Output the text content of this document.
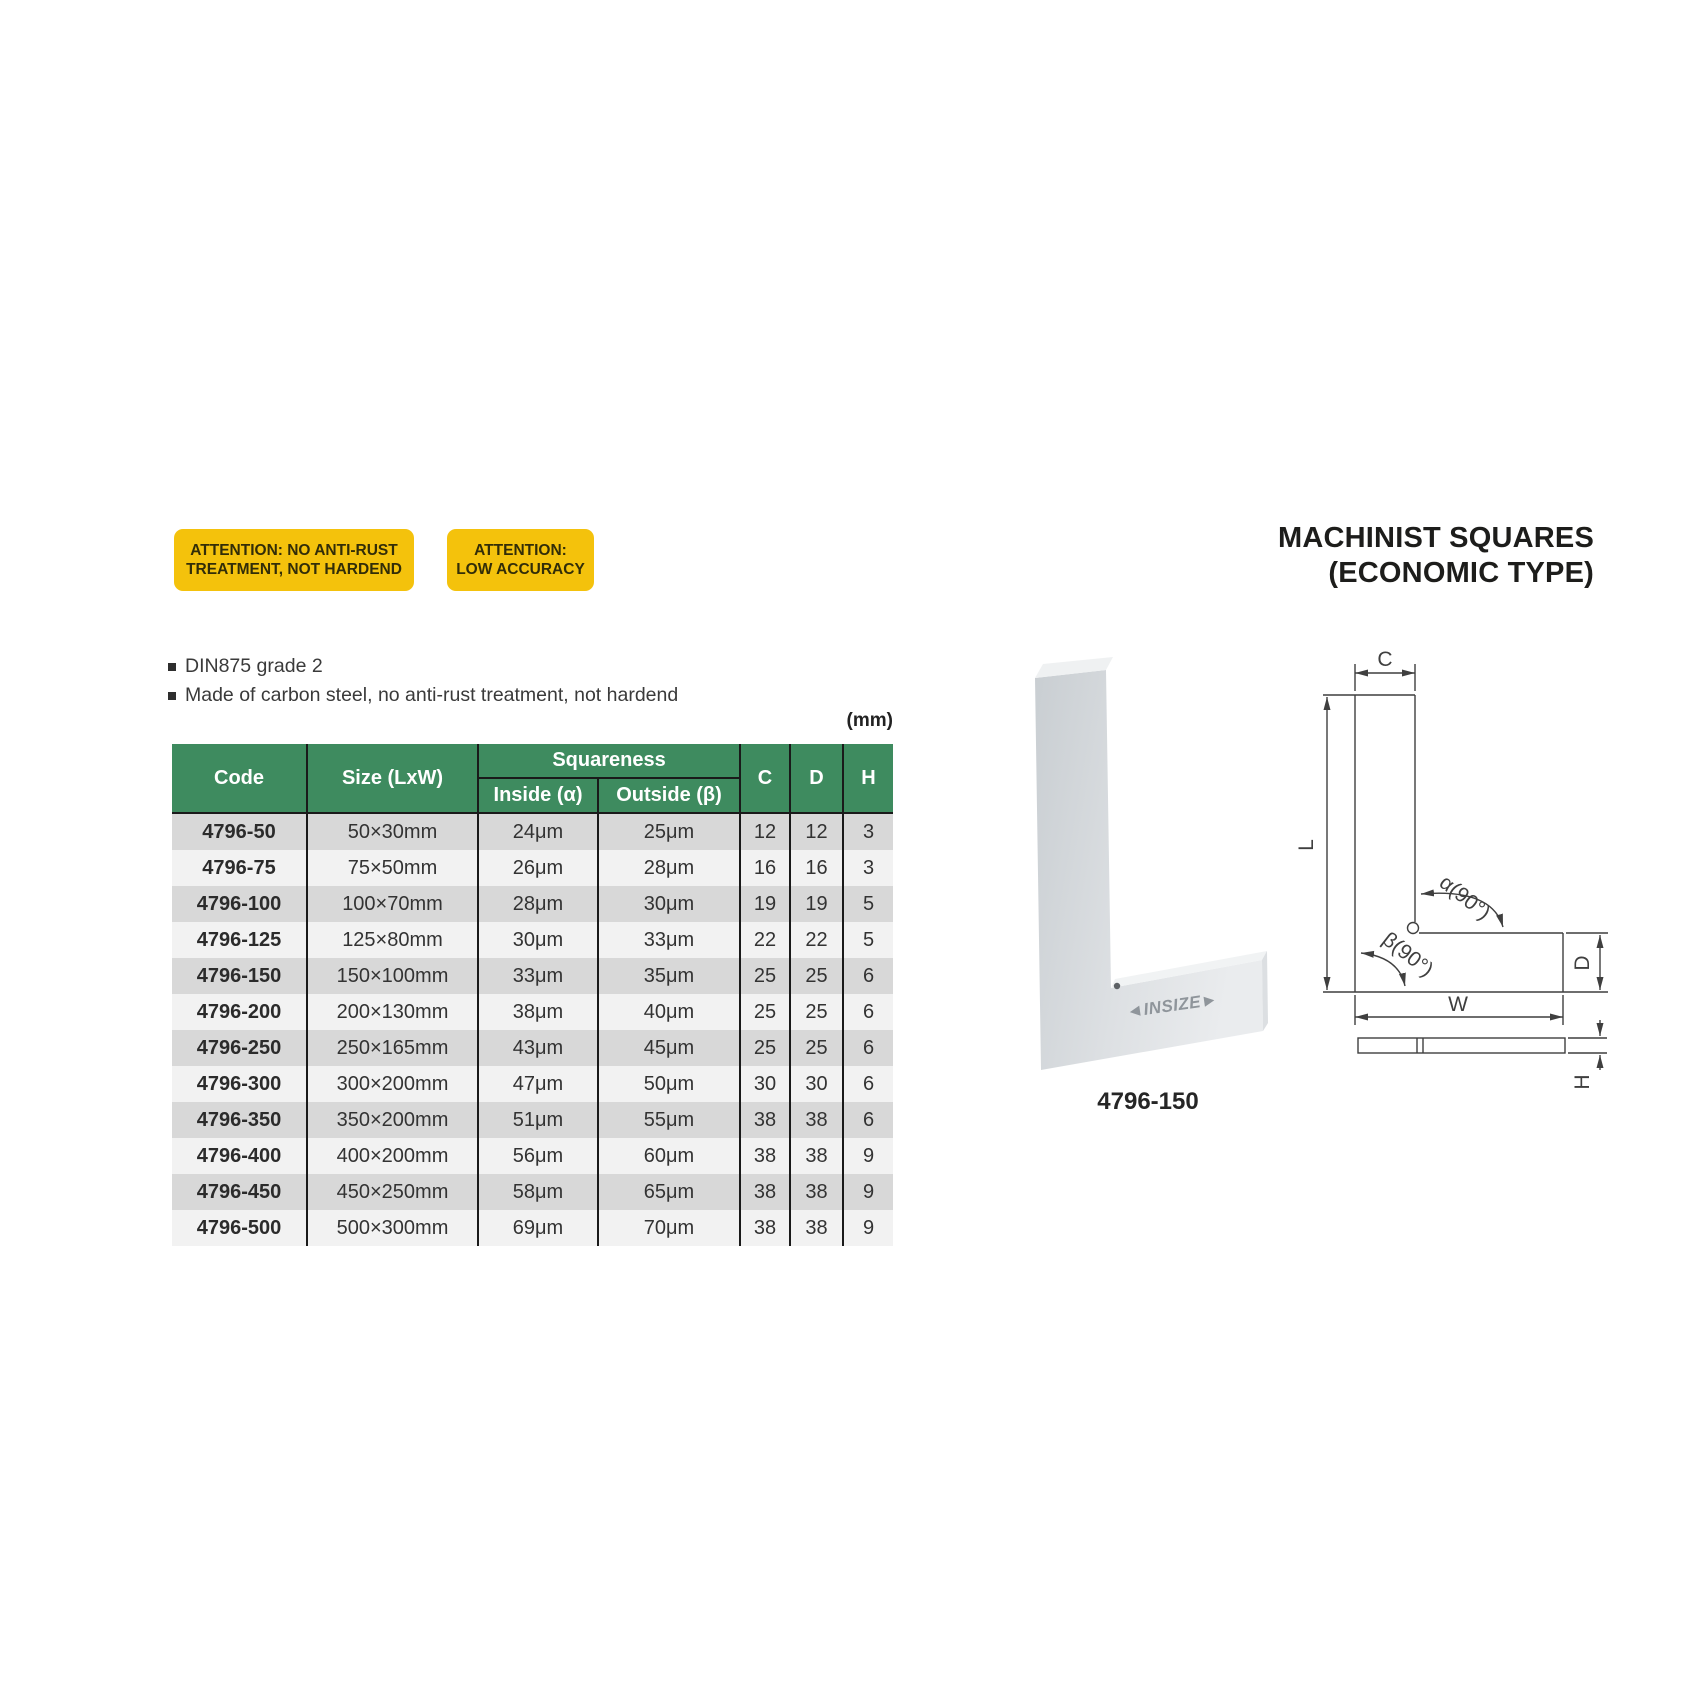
ATTENTION: NO ANTI-RUST
TREATMENT, NOT HARDEND
ATTENTION:
LOW ACCURACY
MACHINIST SQUARES
(ECONOMIC TYPE)
DIN875 grade 2
Made of carbon steel, no anti-rust treatment, not hardend
(mm)
Code	Size (LxW)	Squareness		C	D	H
		Inside (α)	Outside (β)			
4796-50	50×30mm	24μm	25μm	12	12	3
4796-75	75×50mm	26μm	28μm	16	16	3
4796-100	100×70mm	28μm	30μm	19	19	5
4796-125	125×80mm	30μm	33μm	22	22	5
4796-150	150×100mm	33μm	35μm	25	25	6
4796-200	200×130mm	38μm	40μm	25	25	6
4796-250	250×165mm	43μm	45μm	25	25	6
4796-300	300×200mm	47μm	50μm	30	30	6
4796-350	350×200mm	51μm	55μm	38	38	6
4796-400	400×200mm	56μm	60μm	38	38	9
4796-450	450×250mm	58μm	65μm	38	38	9
4796-500	500×300mm	69μm	70μm	38	38	9
◄INSIZE►
C
L
α(90°)
β(90°)	D
W
H
4796-150
